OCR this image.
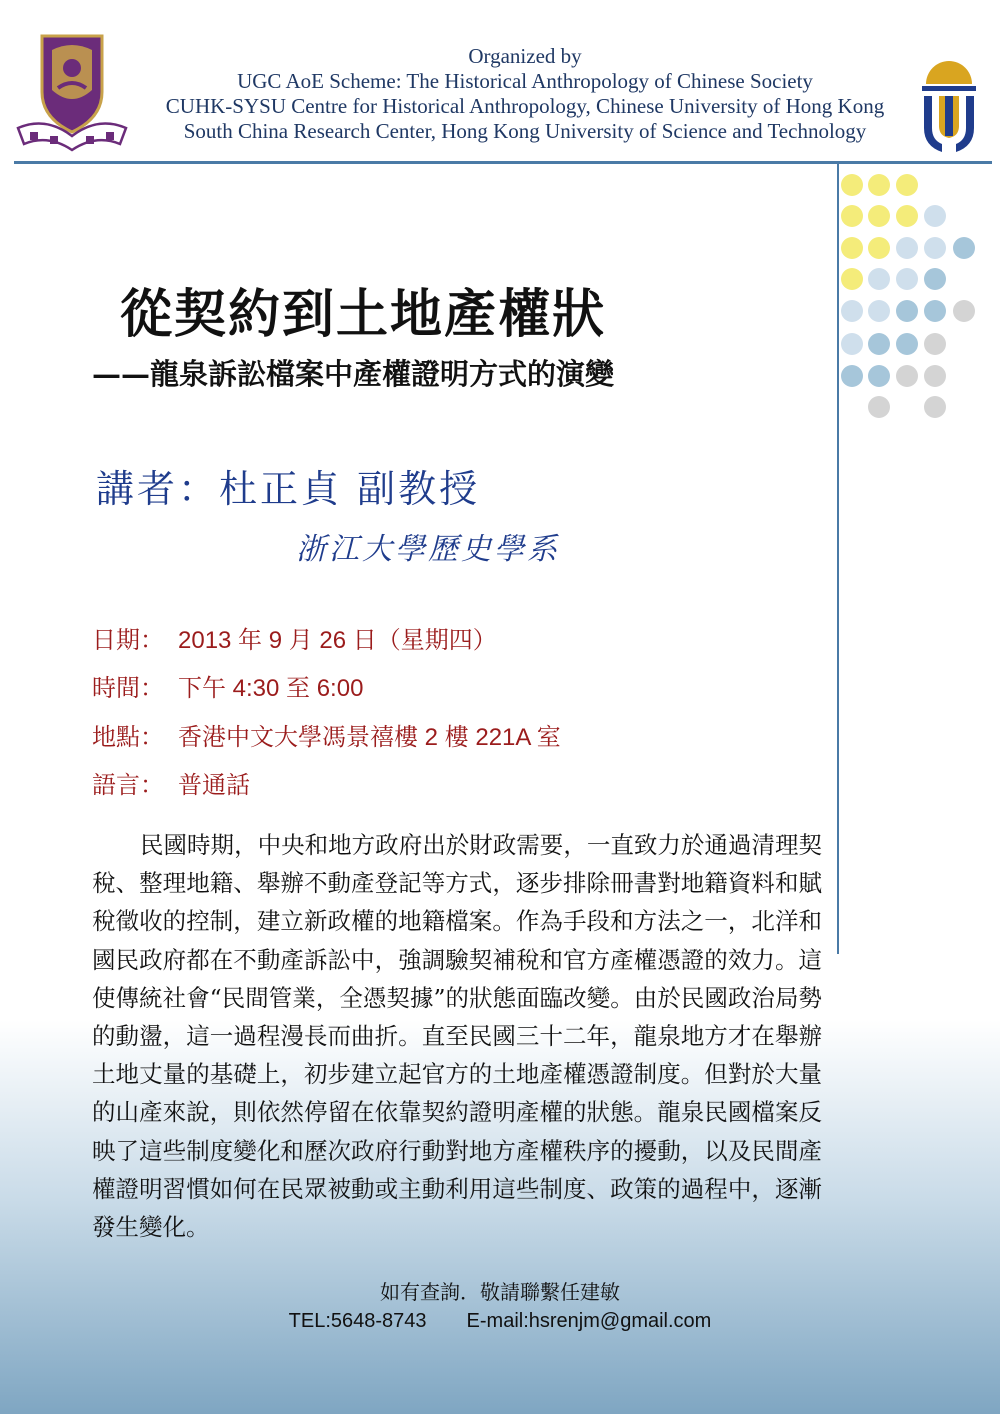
Organized by
UGC AoE Scheme: The Historical Anthropology of Chinese Society
CUHK-SYSU Centre for Historical Anthropology, Chinese University of Hong Kong
South China Research Center, Hong Kong University of Science and Technology
從契約到土地產權狀
——龍泉訴訟檔案中產權證明方式的演變
講者：杜正貞 副教授
浙江大學歷史學系
日期： 2013 年 9 月 26 日（星期四）
時間： 下午 4:30 至 6:00
地點： 香港中文大學馮景禧樓 2 樓 221A 室
語言： 普通話
民國時期，中央和地方政府出於財政需要，一直致力於通過清理契稅、整理地籍、舉辦不動產登記等方式，逐步排除冊書對地籍資料和賦稅徵收的控制，建立新政權的地籍檔案。作為手段和方法之一，北洋和國民政府都在不動產訴訟中，強調驗契補稅和官方產權憑證的效力。這使傳統社會“民間管業，全憑契據”的狀態面臨改變。由於民國政治局勢的動盪，這一過程漫長而曲折。直至民國三十二年，龍泉地方才在舉辦土地丈量的基礎上，初步建立起官方的土地產權憑證制度。但對於大量的山產來說，則依然停留在依靠契約證明產權的狀態。龍泉民國檔案反映了這些制度變化和歷次政府行動對地方產權秩序的擾動，以及民間產權證明習慣如何在民眾被動或主動利用這些制度、政策的過程中，逐漸發生變化。
如有查詢．敬請聯繫任建敏
TEL:5648-8743 E-mail:hsrenjm@gmail.com
